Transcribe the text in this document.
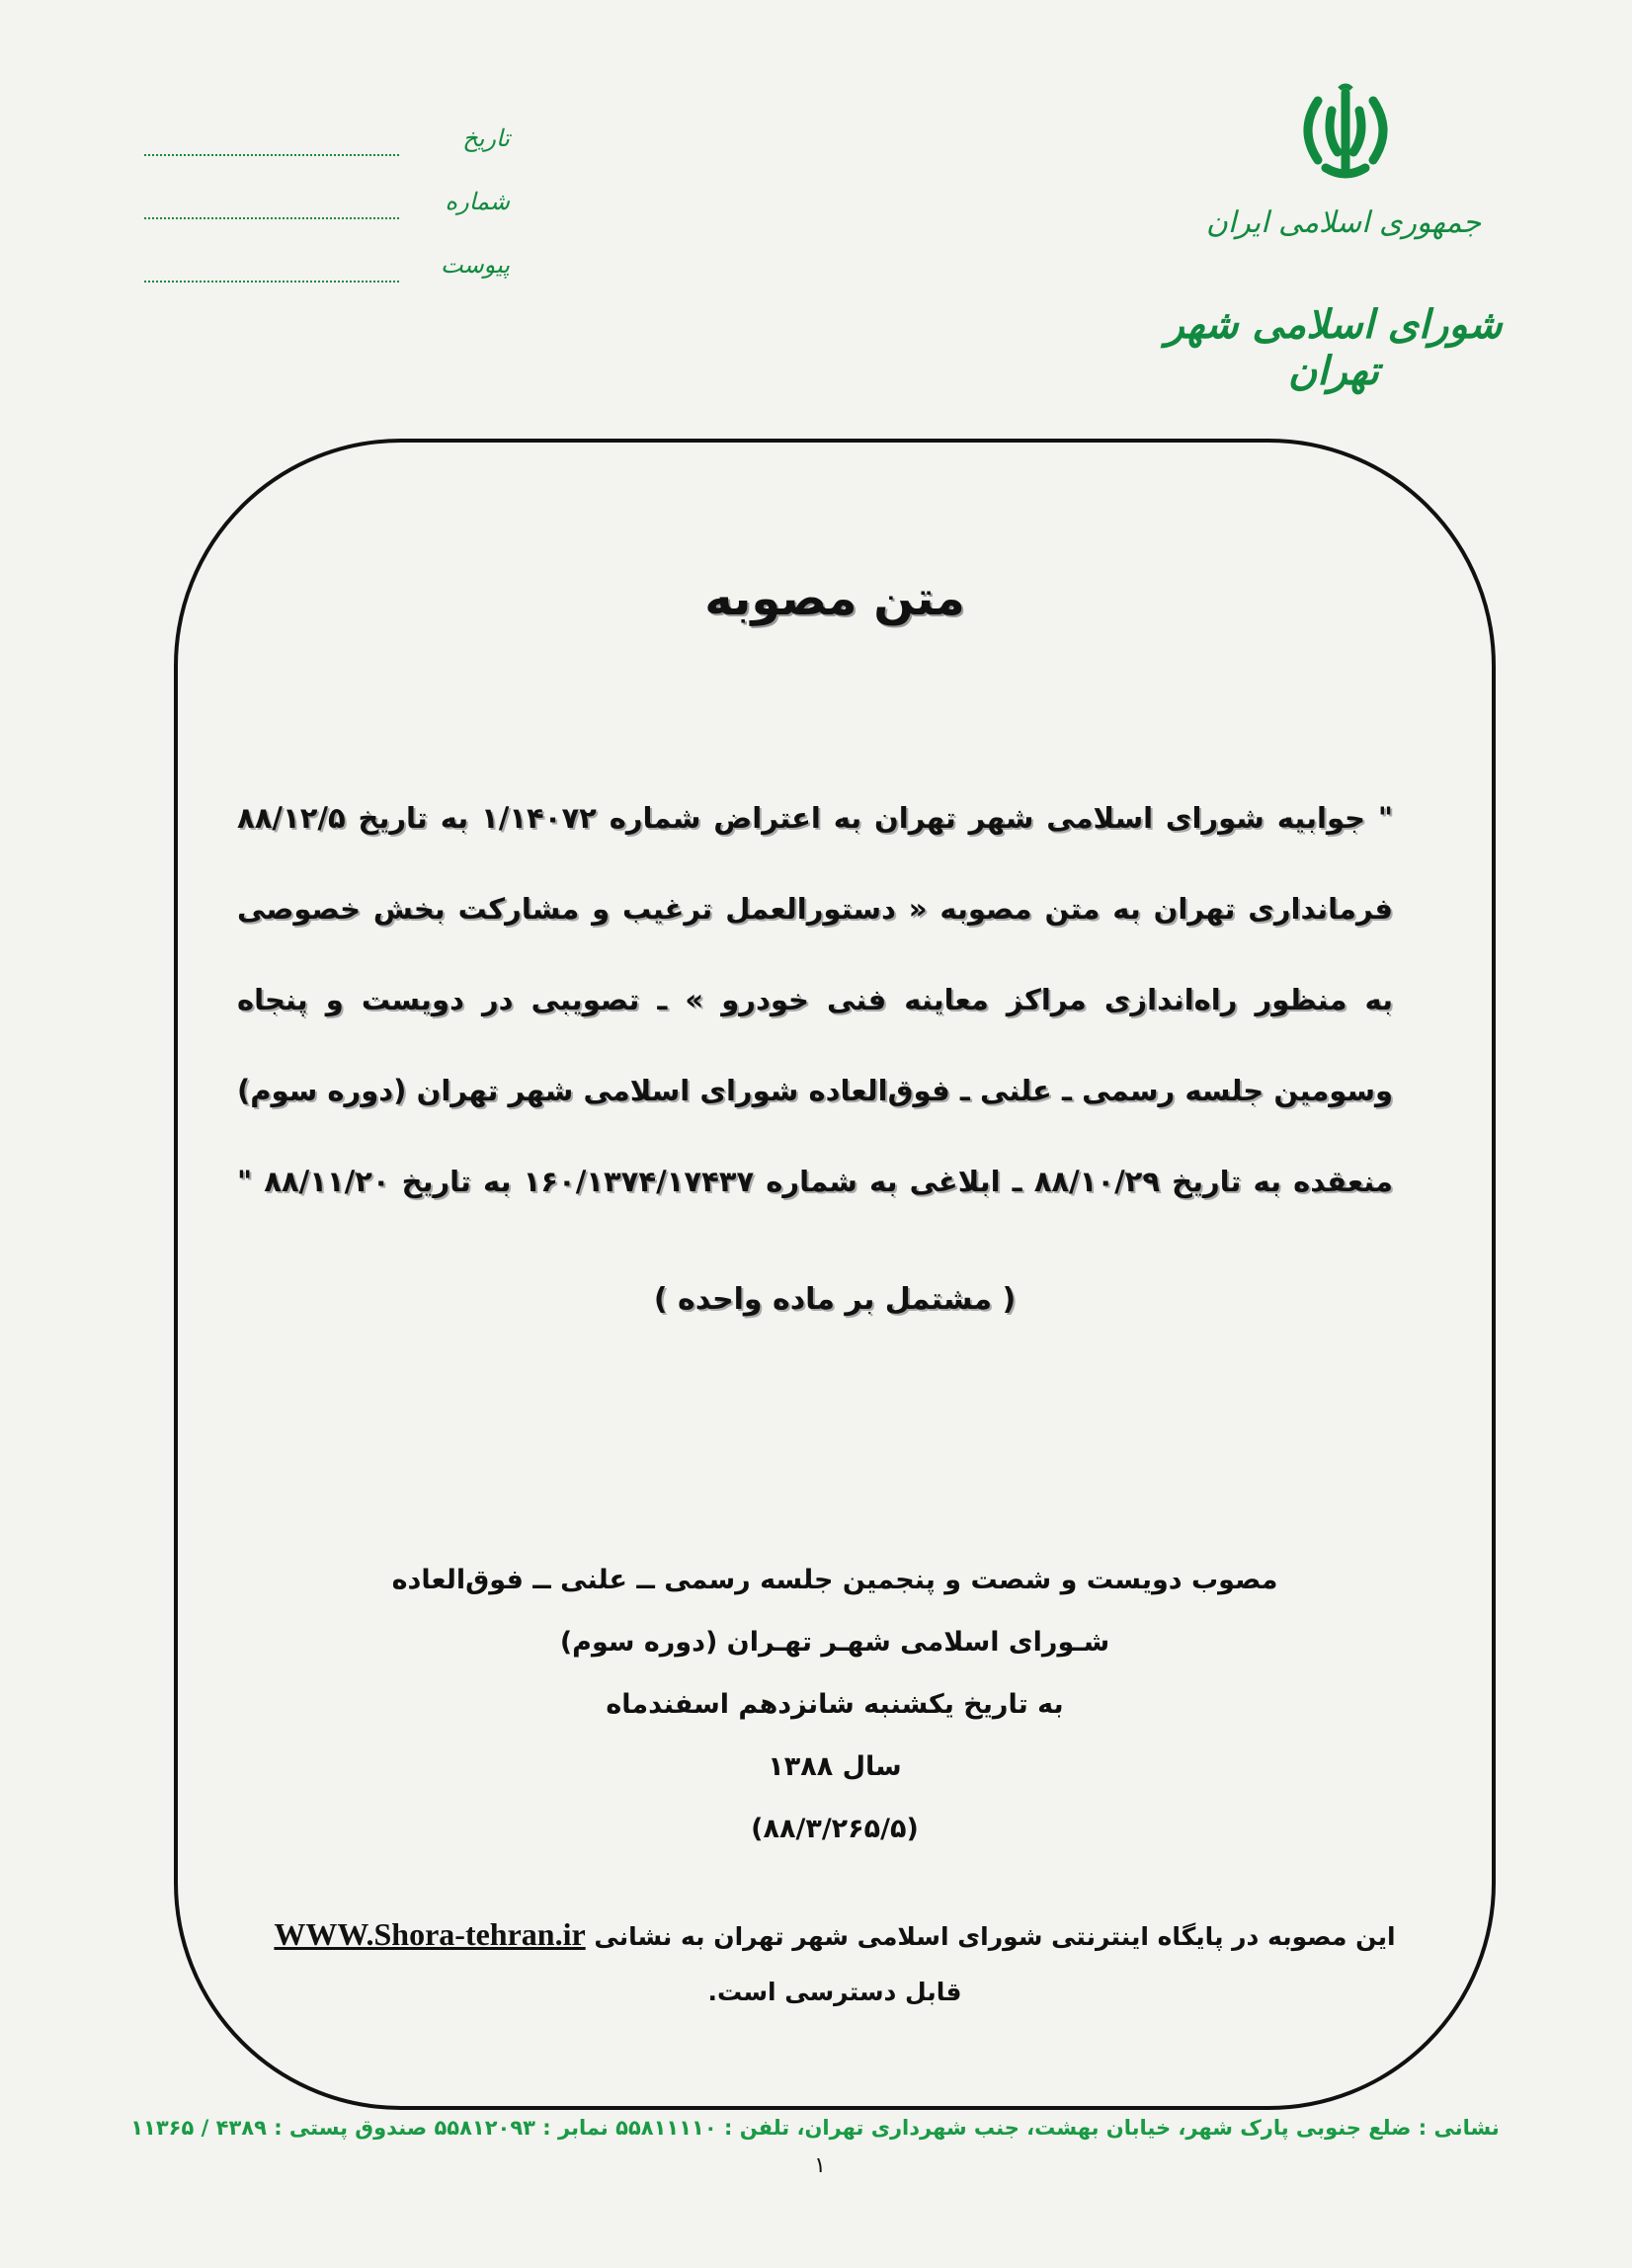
جمهوری اسلامی ایران
شورای اسلامی شهر تهران
تاریخ
شماره
پیوست
متن مصوبه
" جوابیه شورای اسلامی شهر تهران به اعتراض شماره ۱/۱۴۰۷۲ به تاریخ ۸۸/۱۲/۵ فرمانداری تهران به متن مصوبه « دستورالعمل ترغیب و مشارکت بخش خصوصی به منظور راه‌اندازی مراکز معاینه فنی خودرو » ـ تصویبی در دویست و پنجاه وسومین جلسه رسمی ـ علنی ـ فوق‌العاده شورای اسلامی شهر تهران (دوره سوم) منعقده به تاریخ ۸۸/۱۰/۲۹ ـ ابلاغی به شماره ۱۶۰/۱۳۷۴/۱۷۴۳۷ به تاریخ ۸۸/۱۱/۲۰ "
( مشتمل بر ماده واحده )
مصوب دویست و شصت و پنجمین جلسه رسمی ــ علنی ــ فوق‌العاده
شـورای اسلامی شهـر تهـران (دوره سوم)
به تاریخ یکشنبه شانزدهم اسفندماه
سال ۱۳۸۸
(۸۸/۳/۲۶۵/۵)
این مصوبه در پایگاه اینترنتی شورای اسلامی شهر تهران به نشانی WWW.Shora-tehran.ir
قابل دسترسی است.
نشانی : ضلع جنوبی پارک شهر، خیابان بهشت، جنب شهرداری تهران، تلفن : ۵۵۸۱۱۱۱۰ نمابر : ۵۵۸۱۲۰۹۳ صندوق پستی : ۴۳۸۹ / ۱۱۳۶۵
۱
